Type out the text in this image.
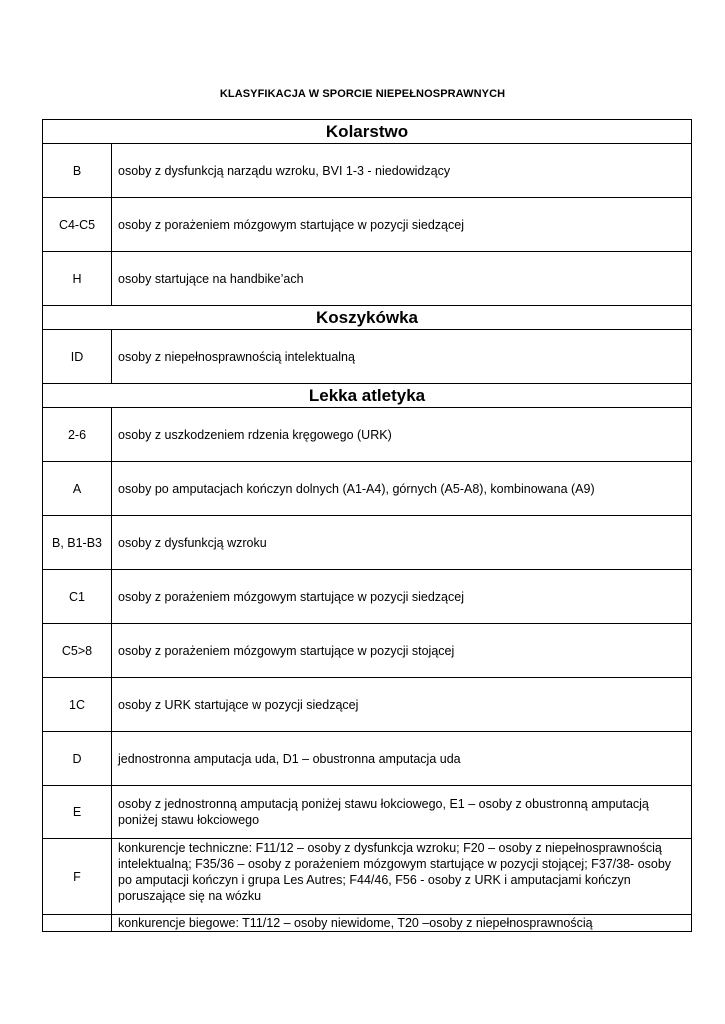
KLASYFIKACJA W SPORCIE NIEPEŁNOSPRAWNYCH
Kolarstwo	
B	osoby z dysfunkcją narządu wzroku, BVI 1-3 - niedowidzący
C4-C5	osoby z porażeniem mózgowym startujące w pozycji siedzącej
H	osoby startujące na handbike’ach
Koszykówka	
ID	osoby z niepełnosprawnością intelektualną
Lekka atletyka	
2-6	osoby z uszkodzeniem rdzenia kręgowego (URK)
A	osoby po amputacjach kończyn dolnych (A1-A4), górnych (A5-A8), kombinowana (A9)
B, B1-B3	osoby z dysfunkcją wzroku
C1	osoby z porażeniem mózgowym startujące w pozycji siedzącej
C5>8	osoby z porażeniem mózgowym startujące w pozycji stojącej
1C	osoby z URK startujące w pozycji siedzącej
D	jednostronna amputacja uda, D1 – obustronna amputacja uda
E	osoby z jednostronną amputacją poniżej stawu łokciowego, E1 – osoby z obustronną amputacją poniżej stawu łokciowego
F	konkurencje techniczne: F11/12 – osoby z dysfunkcja wzroku; F20 – osoby z niepełnosprawnością intelektualną; F35/36 – osoby z porażeniem mózgowym startujące w pozycji stojącej; F37/38- osoby po amputacji kończyn i grupa Les Autres; F44/46, F56 - osoby z URK i amputacjami kończyn poruszające się na wózku
	konkurencje biegowe: T11/12 – osoby niewidome, T20 –osoby z niepełnosprawnością
